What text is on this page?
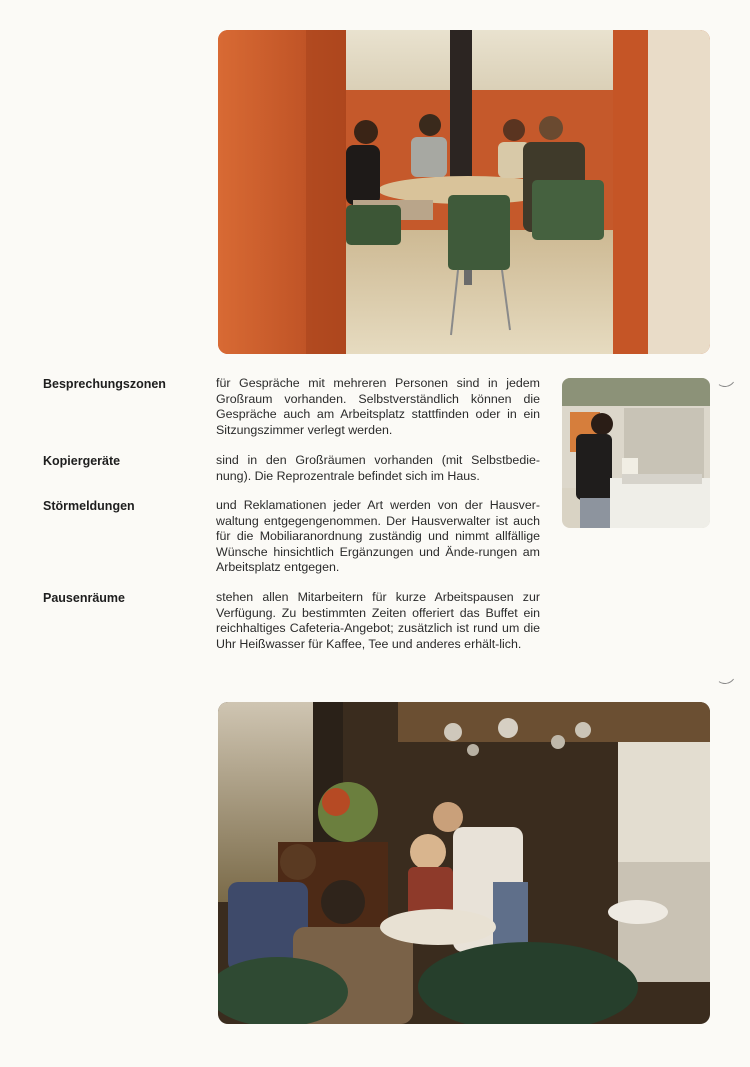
Besprechungszonen	für Gespräche mit mehreren Personen sind in jedem Großraum vorhanden. Selbstverständlich können die Gespräche auch am Arbeitsplatz stattfinden oder in ein Sitzungszimmer verlegt werden.
Kopiergeräte	sind in den Großräumen vorhanden (mit Selbstbedie-nung). Die Reprozentrale befindet sich im Haus.
Störmeldungen	und Reklamationen jeder Art werden von der Hausver-waltung entgegengenommen. Der Hausverwalter ist auch für die Mobiliaranordnung zuständig und nimmt allfällige Wünsche hinsichtlich Ergänzungen und Ände-rungen am Arbeitsplatz entgegen.
Pausenräume	stehen allen Mitarbeitern für kurze Arbeitspausen zur Verfügung. Zu bestimmten Zeiten offeriert das Buffet ein reichhaltiges Cafeteria-Angebot; zusätzlich ist rund um die Uhr Heißwasser für Kaffee, Tee und anderes erhält-lich.
